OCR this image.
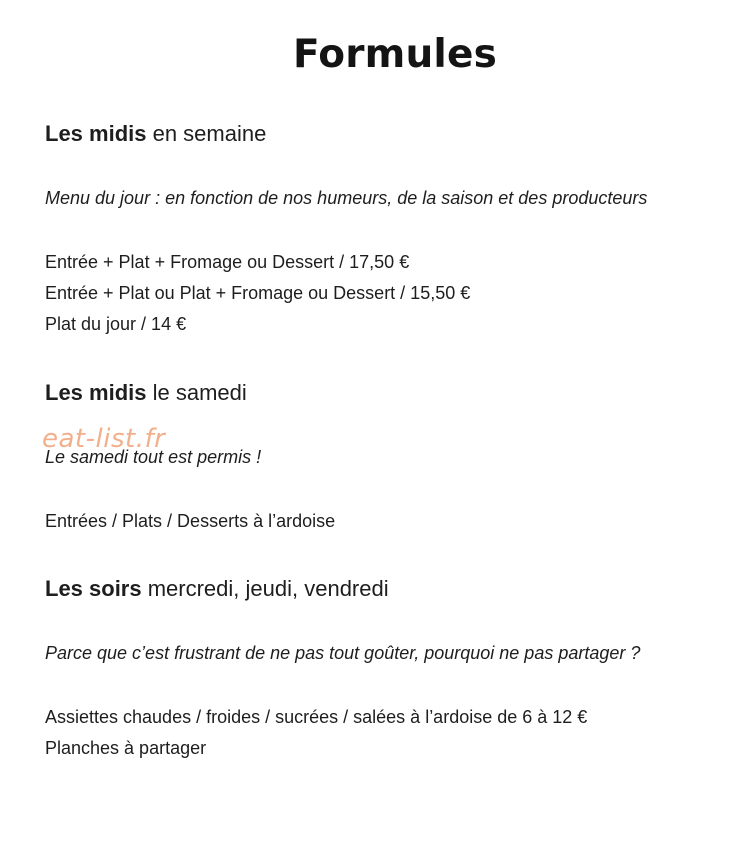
Formules
Les midis en semaine

Menu du jour : en fonction de nos humeurs, de la saison et des producteurs

Entrée + Plat + Fromage ou Dessert / 17,50 €

Entrée + Plat ou Plat + Fromage ou Dessert / 15,50 €

Plat du jour / 14 €

Les midis le samedi

Le samedi tout est permis !

Entrées / Plats / Desserts à l’ardoise

Les soirs mercredi, jeudi, vendredi

Parce que c’est frustrant de ne pas tout goûter, pourquoi ne pas partager ?

Assiettes chaudes / froides / sucrées / salées à l’ardoise de 6 à 12 €

Planches à partager

eat-list.fr
